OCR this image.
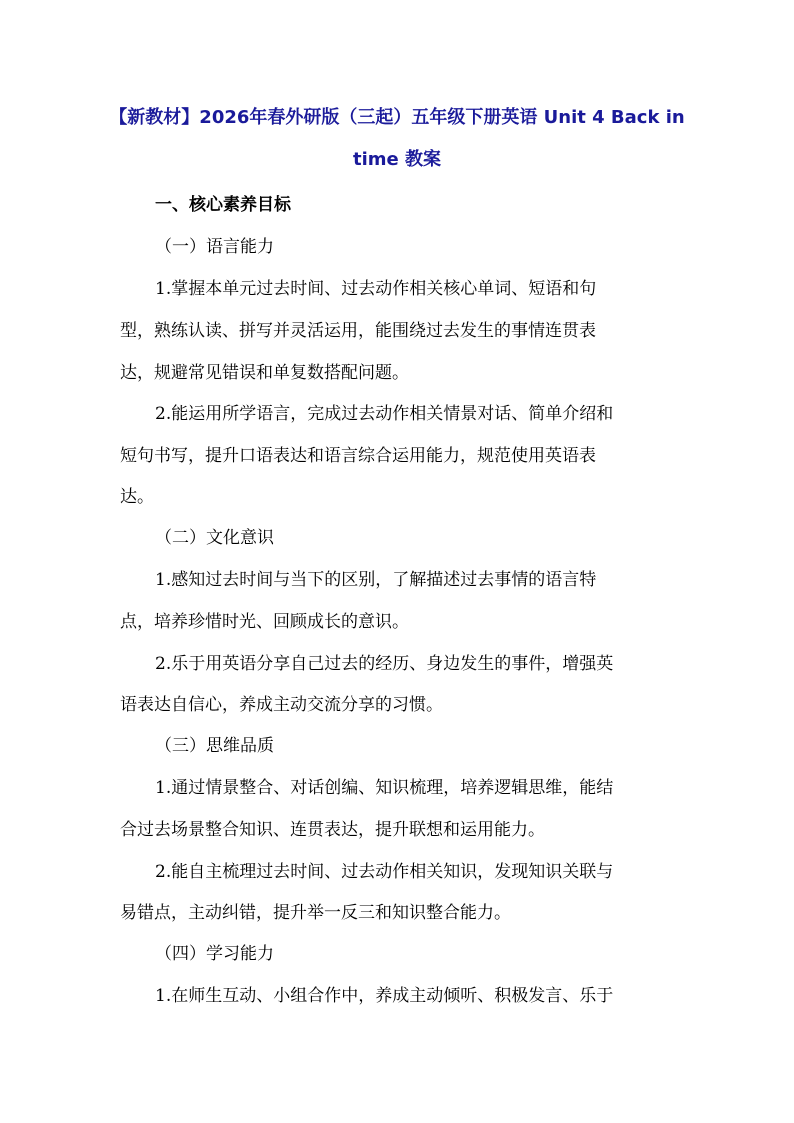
【新教材】2026年春外研版（三起）五年级下册英语 Unit 4 Back in
time 教案
一、核心素养目标
（一）语言能力
1.掌握本单元过去时间、过去动作相关核心单词、短语和句
型，熟练认读、拼写并灵活运用，能围绕过去发生的事情连贯表
达，规避常见错误和单复数搭配问题。
2.能运用所学语言，完成过去动作相关情景对话、简单介绍和
短句书写，提升口语表达和语言综合运用能力，规范使用英语表
达。
（二）文化意识
1.感知过去时间与当下的区别，了解描述过去事情的语言特
点，培养珍惜时光、回顾成长的意识。
2.乐于用英语分享自己过去的经历、身边发生的事件，增强英
语表达自信心，养成主动交流分享的习惯。
（三）思维品质
1.通过情景整合、对话创编、知识梳理，培养逻辑思维，能结
合过去场景整合知识、连贯表达，提升联想和运用能力。
2.能自主梳理过去时间、过去动作相关知识，发现知识关联与
易错点，主动纠错，提升举一反三和知识整合能力。
（四）学习能力
1.在师生互动、小组合作中，养成主动倾听、积极发言、乐于
